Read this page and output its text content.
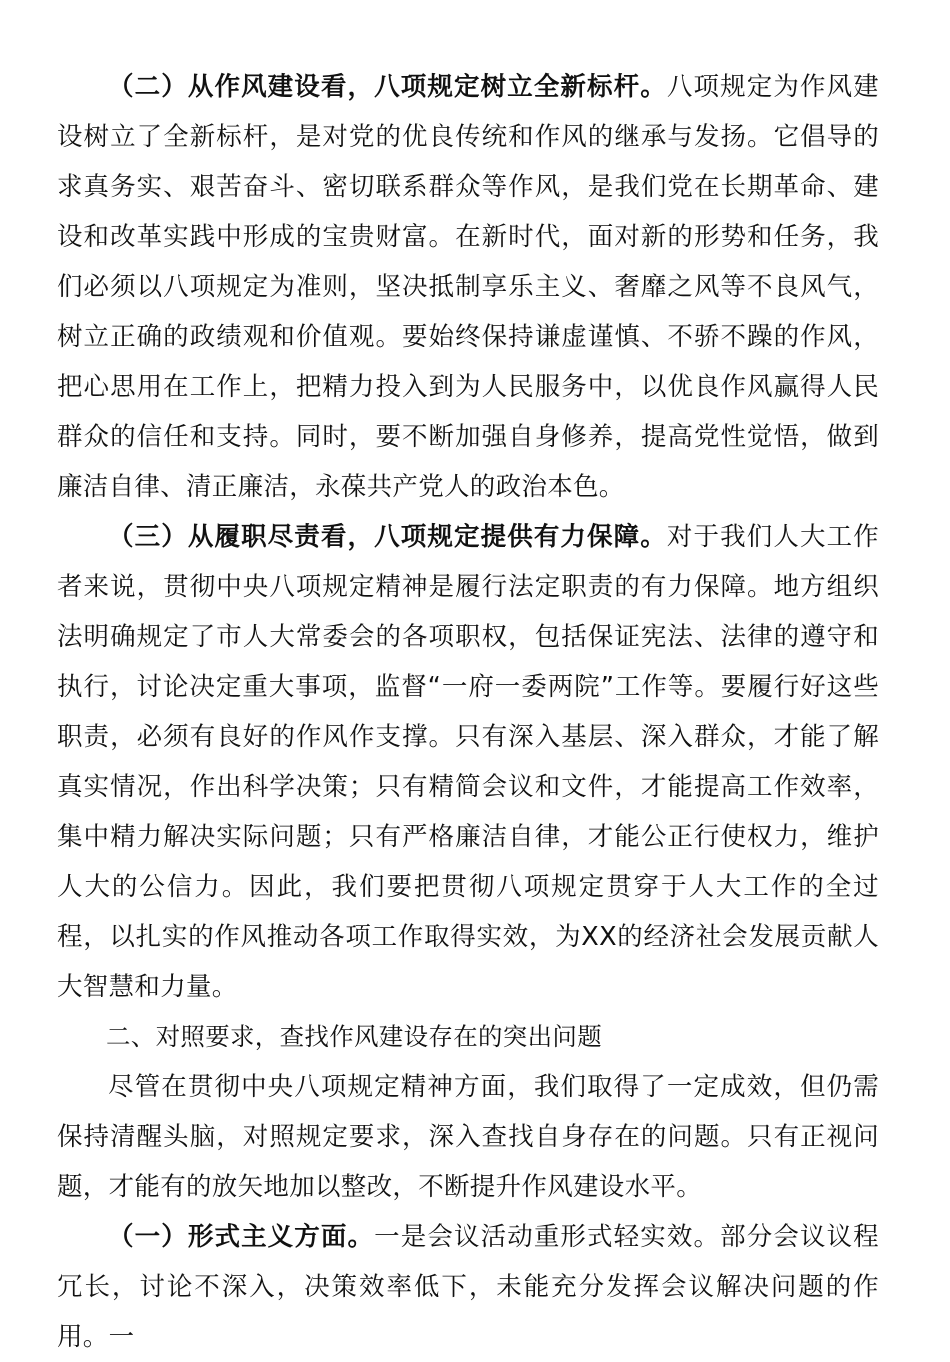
（二）从作风建设看，八项规定树立全新标杆。八项规定为作风建设树立了全新标杆，是对党的优良传统和作风的继承与发扬。它倡导的求真务实、艰苦奋斗、密切联系群众等作风，是我们党在长期革命、建设和改革实践中形成的宝贵财富。在新时代，面对新的形势和任务，我们必须以八项规定为准则，坚决抵制享乐主义、奢靡之风等不良风气，树立正确的政绩观和价值观。要始终保持谦虚谨慎、不骄不躁的作风，把心思用在工作上，把精力投入到为人民服务中，以优良作风赢得人民群众的信任和支持。同时，要不断加强自身修养，提高党性觉悟，做到廉洁自律、清正廉洁，永葆共产党人的政治本色。

（三）从履职尽责看，八项规定提供有力保障。对于我们人大工作者来说，贯彻中央八项规定精神是履行法定职责的有力保障。地方组织法明确规定了市人大常委会的各项职权，包括保证宪法、法律的遵守和执行，讨论决定重大事项，监督“一府一委两院”工作等。要履行好这些职责，必须有良好的作风作支撑。只有深入基层、深入群众，才能了解真实情况，作出科学决策；只有精简会议和文件，才能提高工作效率，集中精力解决实际问题；只有严格廉洁自律，才能公正行使权力，维护人大的公信力。因此，我们要把贯彻八项规定贯穿于人大工作的全过程，以扎实的作风推动各项工作取得实效，为XX的经济社会发展贡献人大智慧和力量。

二、对照要求，查找作风建设存在的突出问题

尽管在贯彻中央八项规定精神方面，我们取得了一定成效，但仍需保持清醒头脑，对照规定要求，深入查找自身存在的问题。只有正视问题，才能有的放矢地加以整改，不断提升作风建设水平。

（一）形式主义方面。一是会议活动重形式轻实效。部分会议议程冗长，讨论不深入，决策效率低下，未能充分发挥会议解决问题的作用。一
